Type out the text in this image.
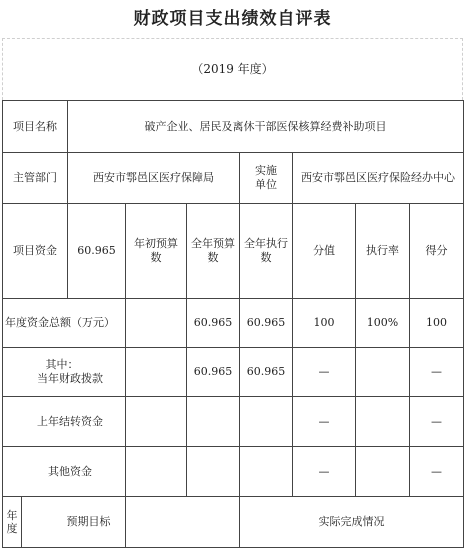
财政项目支出绩效自评表
（2019 年度）
项目名称	破产企业、居民及离休干部医保核算经费补助项目						
主管部门	西安市鄠邑区医疗保障局			实施单位	西安市鄠邑区医疗保险经办中心		
项目资金	60.965	年初预算数	全年预算数	全年执行数	分值	执行率	得分
年度资金总额（万元）			60.965	60.965	100	100%	100

其中：
当年财政拨款			60.965	60.965	—		—
上年结转资金					—		—
其他资金					—		—

年度
预期目标				实际完成情况			
